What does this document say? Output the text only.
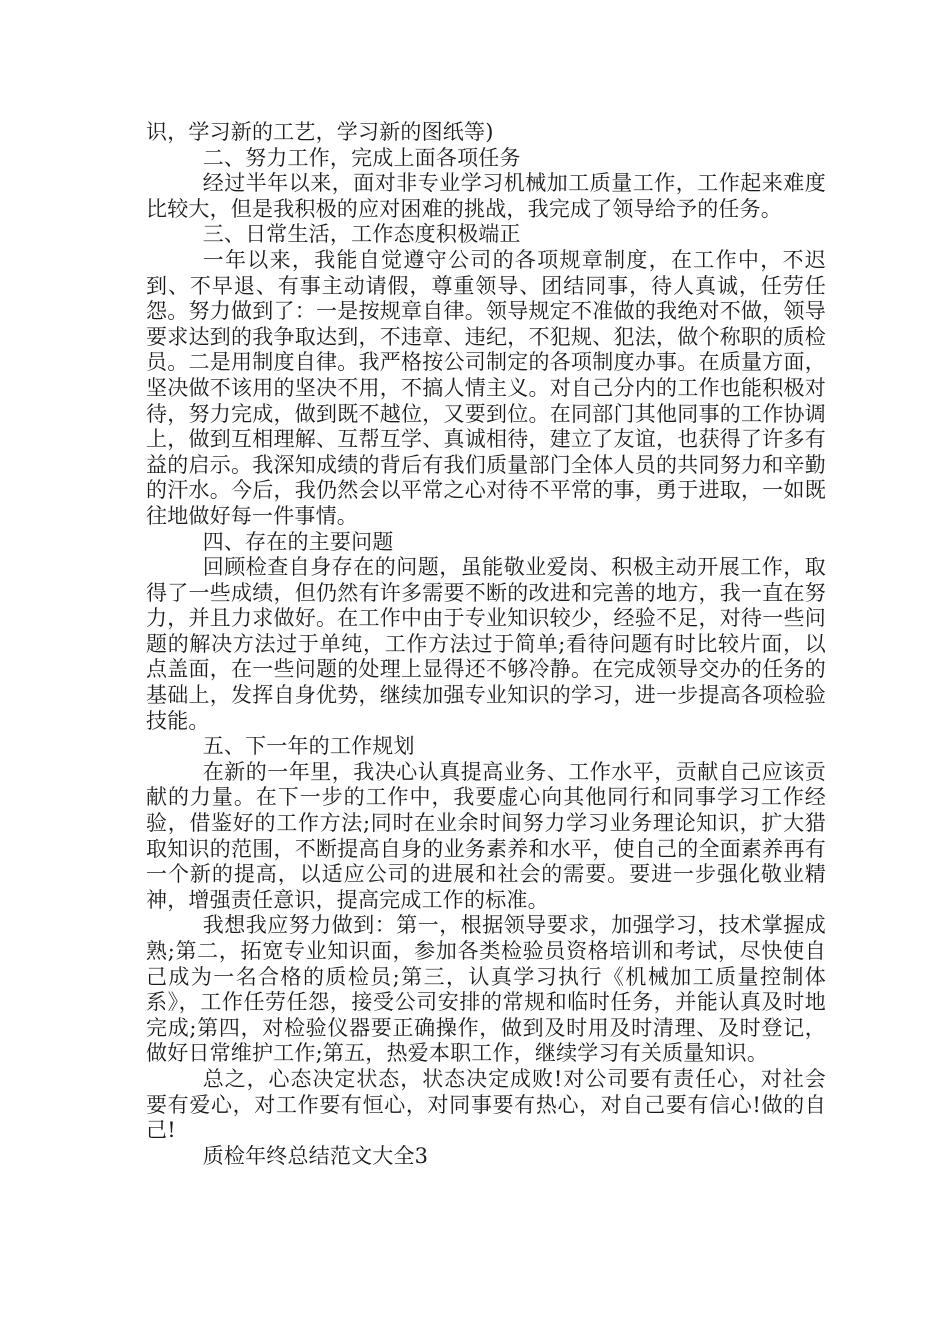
识，学习新的工艺，学习新的图纸等)

二、努力工作，完成上面各项任务

经过半年以来，面对非专业学习机械加工质量工作，工作起来难度比较大，但是我积极的应对困难的挑战，我完成了领导给予的任务。

三、日常生活，工作态度积极端正

一年以来，我能自觉遵守公司的各项规章制度，在工作中，不迟到、不早退、有事主动请假，尊重领导、团结同事，待人真诚，任劳任怨。努力做到了：一是按规章自律。领导规定不准做的我绝对不做，领导要求达到的我争取达到，不违章、违纪，不犯规、犯法，做个称职的质检员。二是用制度自律。我严格按公司制定的各项制度办事。在质量方面，坚决做不该用的坚决不用，不搞人情主义。对自己分内的工作也能积极对待，努力完成，做到既不越位，又要到位。在同部门其他同事的工作协调上，做到互相理解、互帮互学、真诚相待，建立了友谊，也获得了许多有益的启示。我深知成绩的背后有我们质量部门全体人员的共同努力和辛勤的汗水。今后，我仍然会以平常之心对待不平常的事，勇于进取，一如既往地做好每一件事情。

四、存在的主要问题

回顾检查自身存在的问题，虽能敬业爱岗、积极主动开展工作，取得了一些成绩，但仍然有许多需要不断的改进和完善的地方，我一直在努力，并且力求做好。在工作中由于专业知识较少，经验不足，对待一些问题的解决方法过于单纯，工作方法过于简单;看待问题有时比较片面，以点盖面，在一些问题的处理上显得还不够冷静。在完成领导交办的任务的基础上，发挥自身优势，继续加强专业知识的学习，进一步提高各项检验技能。

五、下一年的工作规划

在新的一年里，我决心认真提高业务、工作水平，贡献自己应该贡献的力量。在下一步的工作中，我要虚心向其他同行和同事学习工作经验，借鉴好的工作方法;同时在业余时间努力学习业务理论知识，扩大猎取知识的范围，不断提高自身的业务素养和水平，使自己的全面素养再有一个新的提高，以适应公司的进展和社会的需要。要进一步强化敬业精神，增强责任意识，提高完成工作的标准。

我想我应努力做到：第一，根据领导要求，加强学习，技术掌握成熟;第二，拓宽专业知识面，参加各类检验员资格培训和考试，尽快使自己成为一名合格的质检员;第三，认真学习执行《机械加工质量控制体系》，工作任劳任怨，接受公司安排的常规和临时任务，并能认真及时地完成;第四，对检验仪器要正确操作，做到及时用及时清理、及时登记，做好日常维护工作;第五，热爱本职工作，继续学习有关质量知识。

总之，心态决定状态，状态决定成败!对公司要有责任心，对社会要有爱心，对工作要有恒心，对同事要有热心，对自己要有信心!做的自己!

质检年终总结范文大全3
